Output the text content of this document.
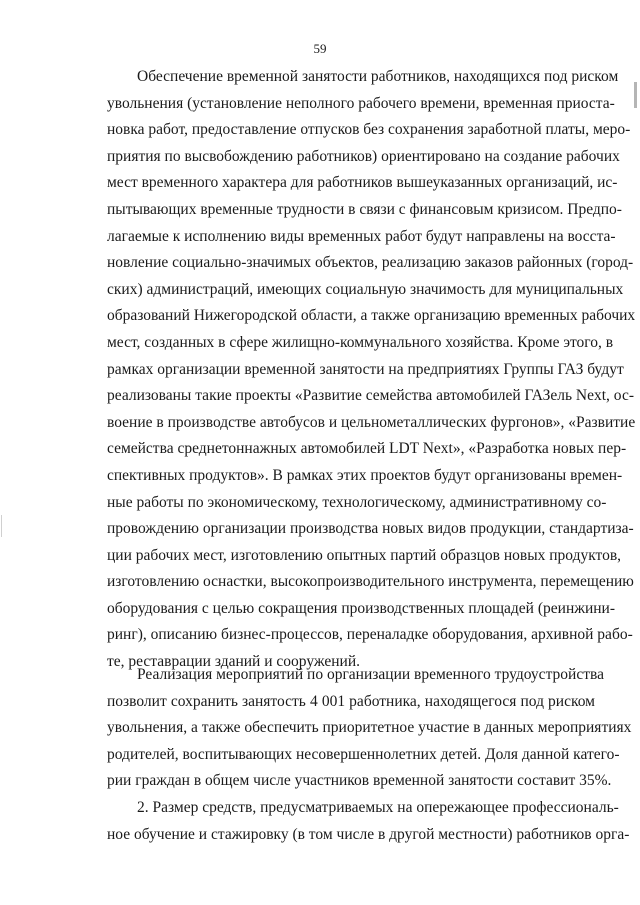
59
Обеспечение временной занятости работников, находящихся под риском
увольнения (установление неполного рабочего времени, временная приоста-
новка работ, предоставление отпусков без сохранения заработной платы, меро-
приятия по высвобождению работников) ориентировано на создание рабочих
мест временного характера для работников вышеуказанных организаций, ис-
пытывающих временные трудности в связи с финансовым кризисом. Предпо-
лагаемые к исполнению виды временных работ будут направлены на восста-
новление социально-значимых объектов, реализацию заказов районных (город-
ских) администраций, имеющих социальную значимость для муниципальных
образований Нижегородской области, а также организацию временных рабочих
мест, созданных в сфере жилищно-коммунального хозяйства. Кроме этого, в
рамках организации временной занятости на предприятиях Группы ГАЗ будут
реализованы такие проекты «Развитие семейства автомобилей ГАЗель Next, ос-
воение в производстве автобусов и цельнометаллических фургонов», «Развитие
семейства среднетоннажных автомобилей LDT Next», «Разработка новых пер-
спективных продуктов». В рамках этих проектов будут организованы времен-
ные работы по экономическому, технологическому, административному со-
провождению организации производства новых видов продукции, стандартиза-
ции рабочих мест, изготовлению опытных партий образцов новых продуктов,
изготовлению оснастки, высокопроизводительного инструмента, перемещению
оборудования с целью сокращения производственных площадей (реинжини-
ринг), описанию бизнес-процессов, переналадке оборудования, архивной рабо-
те, реставрации зданий и сооружений.
Реализация мероприятий по организации временного трудоустройства
позволит сохранить занятость 4 001 работника, находящегося под риском
увольнения, а также обеспечить приоритетное участие в данных мероприятиях
родителей, воспитывающих несовершеннолетних детей. Доля данной катего-
рии граждан в общем числе участников временной занятости составит 35%.
2. Размер средств, предусматриваемых на опережающее профессиональ-
ное обучение и стажировку (в том числе в другой местности) работников орга-
